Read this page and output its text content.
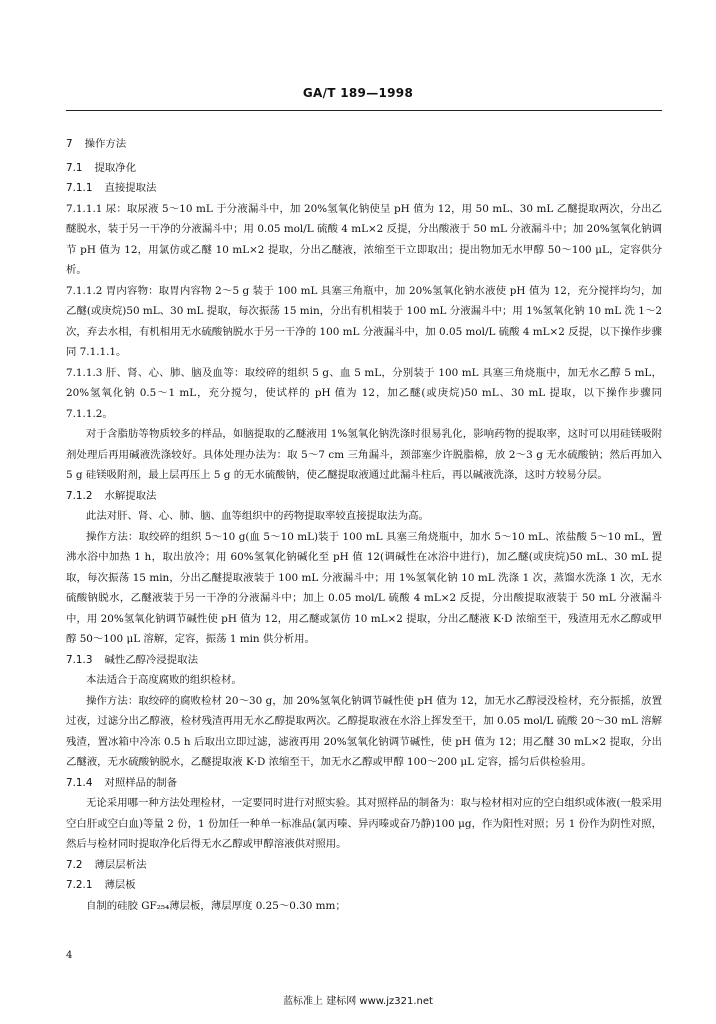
GA/T 189—1998

7 操作方法

7.1 提取净化

7.1.1 直接提取法

7.1.1.1 尿：取尿液 5～10 mL 于分液漏斗中，加 20%氢氧化钠使呈 pH 值为 12，用 50 mL、30 mL 乙醚提取两次，分出乙醚脱水，装于另一干净的分液漏斗中；用 0.05 mol/L 硫酸 4 mL×2 反提，分出酸液于 50 mL 分液漏斗中；加 20%氢氧化钠调节 pH 值为 12，用氯仿或乙醚 10 mL×2 提取，分出乙醚液，浓缩至干立即取出；提出物加无水甲醇 50～100 μL，定容供分析。

7.1.1.2 胃内容物：取胃内容物 2～5 g 装于 100 mL 具塞三角瓶中，加 20%氢氧化钠水液使 pH 值为 12，充分搅拌均匀，加乙醚(或庚烷)50 mL、30 mL 提取，每次振荡 15 min，分出有机相装于 100 mL 分液漏斗中；用 1%氢氧化钠 10 mL 洗 1～2 次，弃去水相，有机相用无水硫酸钠脱水于另一干净的 100 mL 分液漏斗中，加 0.05 mol/L 硫酸 4 mL×2 反提，以下操作步骤同 7.1.1.1。

7.1.1.3 肝、肾、心、肺、脑及血等：取绞碎的组织 5 g、血 5 mL，分别装于 100 mL 具塞三角烧瓶中，加无水乙醇 5 mL，20%氢氧化钠 0.5～1 mL，充分搅匀，使试样的 pH 值为 12，加乙醚(或庚烷)50 mL、30 mL 提取，以下操作步骤同 7.1.1.2。

对于含脂肪等物质较多的样品，如脑提取的乙醚液用 1%氢氧化钠洗涤时很易乳化，影响药物的提取率，这时可以用硅镁吸附剂处理后再用碱液洗涤较好。具体处理办法为：取 5～7 cm 三角漏斗，颈部塞少许脱脂棉，放 2～3 g 无水硫酸钠；然后再加入 5 g 硅镁吸附剂，最上层再压上 5 g 的无水硫酸钠，使乙醚提取液通过此漏斗柱后，再以碱液洗涤，这时方较易分层。

7.1.2 水解提取法

此法对肝、肾、心、肺、脑、血等组织中的药物提取率较直接提取法为高。

操作方法：取绞碎的组织 5～10 g(血 5～10 mL)装于 100 mL 具塞三角烧瓶中，加水 5～10 mL、浓盐酸 5～10 mL，置沸水浴中加热 1 h，取出放冷；用 60%氢氧化钠碱化至 pH 值 12(调碱性在冰浴中进行)，加乙醚(或庚烷)50 mL、30 mL 提取，每次振荡 15 min，分出乙醚提取液装于 100 mL 分液漏斗中；用 1%氢氧化钠 10 mL 洗涤 1 次，蒸馏水洗涤 1 次，无水硫酸钠脱水，乙醚液装于另一干净的分液漏斗中；加上 0.05 mol/L 硫酸 4 mL×2 反提，分出酸提取液装于 50 mL 分液漏斗中，用 20%氢氧化钠调节碱性使 pH 值为 12，用乙醚或氯仿 10 mL×2 提取，分出乙醚液 K·D 浓缩至干，残渣用无水乙醇或甲醇 50～100 μL 溶解，定容，振荡 1 min 供分析用。

7.1.3 碱性乙醇冷浸提取法

本法适合于高度腐败的组织检材。

操作方法：取绞碎的腐败检材 20～30 g，加 20%氢氧化钠调节碱性使 pH 值为 12，加无水乙醇浸没检材，充分振摇，放置过夜，过滤分出乙醇液，检材残渣再用无水乙醇提取两次。乙醇提取液在水浴上挥发至干，加 0.05 mol/L 硫酸 20～30 mL 溶解残渣，置冰箱中冷冻 0.5 h 后取出立即过滤，滤液再用 20%氢氧化钠调节碱性，使 pH 值为 12；用乙醚 30 mL×2 提取，分出乙醚液，无水硫酸钠脱水，乙醚提取液 K·D 浓缩至干，加无水乙醇或甲醇 100～200 μL 定容，摇匀后供检验用。

7.1.4 对照样品的制备

无论采用哪一种方法处理检材，一定要同时进行对照实验。其对照样品的制备为：取与检材相对应的空白组织或体液(一般采用空白肝或空白血)等量 2 份，1 份加任一种单一标准品(氯丙嗪、异丙嗪或奋乃静)100 μg，作为阳性对照；另 1 份作为阴性对照，然后与检材同时提取净化后得无水乙醇或甲醇溶液供对照用。

7.2 薄层层析法

7.2.1 薄层板

自制的硅胶 GF₂₅₄薄层板，薄层厚度 0.25～0.30 mm；

4
蓝标准上 建标网 www.jz321.net
